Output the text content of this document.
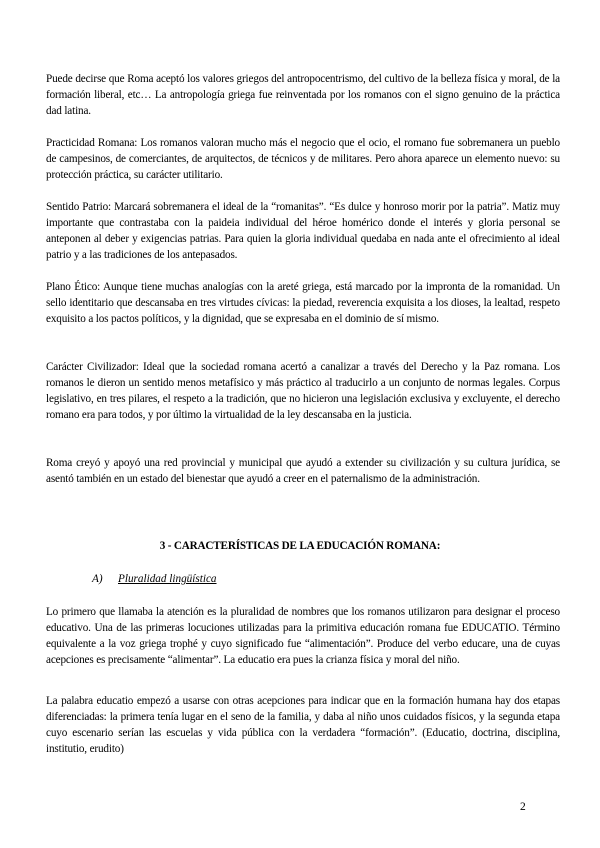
Puede decirse que Roma aceptó los valores griegos del antropocentrismo, del cultivo de la belleza física y moral, de la formación liberal, etc… La antropología griega fue reinventada por los romanos con el signo genuino de la práctica dad latina.

Practicidad Romana: Los romanos valoran mucho más el negocio que el ocio, el romano fue sobremanera un pueblo de campesinos, de comerciantes, de arquitectos, de técnicos y de militares. Pero ahora aparece un elemento nuevo: su protección práctica, su carácter utilitario.

Sentido Patrio: Marcará sobremanera el ideal de la “romanitas”. “Es dulce y honroso morir por la patria”. Matiz muy importante que contrastaba con la paideia individual del héroe homérico donde el interés y gloria personal se anteponen al deber y exigencias patrias. Para quien la gloria individual quedaba en nada ante el ofrecimiento al ideal patrio y a las tradiciones de los antepasados.

Plano Ético: Aunque tiene muchas analogías con la areté griega, está marcado por la impronta de la romanidad. Un sello identitario que descansaba en tres virtudes cívicas: la piedad, reverencia exquisita a los dioses, la lealtad, respeto exquisito a los pactos políticos, y la dignidad, que se expresaba en el dominio de sí mismo.

Carácter Civilizador: Ideal que la sociedad romana acertó a canalizar a través del Derecho y la Paz romana. Los romanos le dieron un sentido menos metafísico y más práctico al traducirlo a un conjunto de normas legales. Corpus legislativo, en tres pilares, el respeto a la tradición, que no hicieron una legislación exclusiva y excluyente, el derecho romano era para todos, y por último la virtualidad de la ley descansaba en la justicia.

Roma creyó y apoyó una red provincial y municipal que ayudó a extender su civilización y su cultura jurídica, se asentó también en un estado del bienestar que ayudó a creer en el paternalismo de la administración.

3 - CARACTERÍSTICAS DE LA EDUCACIÓN ROMANA:
A) Pluralidad lingüística

Lo primero que llamaba la atención es la pluralidad de nombres que los romanos utilizaron para designar el proceso educativo. Una de las primeras locuciones utilizadas para la primitiva educación romana fue EDUCATIO. Término equivalente a la voz griega trophé y cuyo significado fue “alimentación”. Produce del verbo educare, una de cuyas acepciones es precisamente “alimentar”. La educatio era pues la crianza física y moral del niño.

La palabra educatio empezó a usarse con otras acepciones para indicar que en la formación humana hay dos etapas diferenciadas: la primera tenía lugar en el seno de la familia, y daba al niño unos cuidados físicos, y la segunda etapa cuyo escenario serían las escuelas y vida pública con la verdadera “formación”. (Educatio, doctrina, disciplina, institutio, erudito)

2
